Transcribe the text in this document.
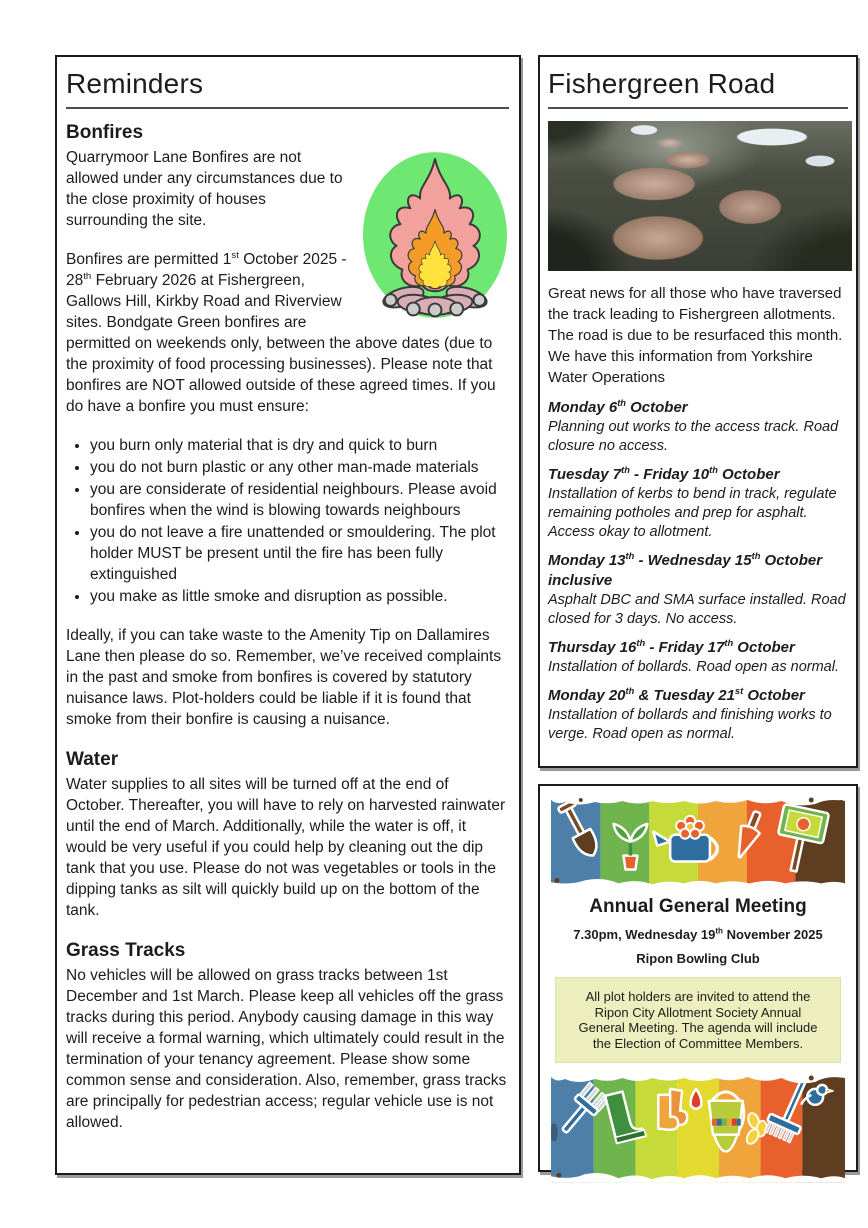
Reminders
Bonfires

Quarrymoor Lane Bonfires are not allowed under any circumstances due to the close proximity of houses surrounding the site.

Bonfires are permitted 1st October 2025 - 28th February 2026 at Fishergreen, Gallows Hill, Kirkby Road and Riverview sites. Bondgate Green bonfires are permitted on weekends only, between the above dates (due to the proximity of food processing businesses). Please note that bonfires are NOT allowed outside of these agreed times. If you do have a bonfire you must ensure:

• you burn only material that is dry and quick to burn
• you do not burn plastic or any other man-made materials
• you are considerate of residential neighbours. Please avoid bonfires when the wind is blowing towards neighbours
• you do not leave a fire unattended or smouldering. The plot holder MUST be present until the fire has been fully extinguished
• you make as little smoke and disruption as possible.

Ideally, if you can take waste to the Amenity Tip on Dallamires Lane then please do so. Remember, we’ve received complaints in the past and smoke from bonfires is covered by statutory nuisance laws. Plot-holders could be liable if it is found that smoke from their bonfire is causing a nuisance.

Water

Water supplies to all sites will be turned off at the end of October. Thereafter, you will have to rely on harvested rainwater until the end of March. Additionally, while the water is off, it would be very useful if you could help by cleaning out the dip tank that you use. Please do not was vegetables or tools in the dipping tanks as silt will quickly build up on the bottom of the tank.

Grass Tracks

No vehicles will be allowed on grass tracks between 1st December and 1st March. Please keep all vehicles off the grass tracks during this period. Anybody causing damage in this way will receive a formal warning, which ultimately could result in the termination of your tenancy agreement. Please show some common sense and consideration. Also, remember, grass tracks are principally for pedestrian access; regular vehicle use is not allowed.

Fishergreen Road

Great news for all those who have traversed the track leading to Fishergreen allotments. The road is due to be resurfaced this month. We have this information from Yorkshire Water Operations

Monday 6th October
Planning out works to the access track. Road closure no access.
Tuesday 7th - Friday 10th October
Installation of kerbs to bend in track, regulate remaining potholes and prep for asphalt. Access okay to allotment.
Monday 13th - Wednesday 15th October inclusive
Asphalt DBC and SMA surface installed. Road closed for 3 days. No access.
Thursday 16th - Friday 17th October
Installation of bollards. Road open as normal.
Monday 20th & Tuesday 21st October
Installation of bollards and finishing works to verge. Road open as normal.
Annual General Meeting
7.30pm, Wednesday 19th November 2025
Ripon Bowling Club
All plot holders are invited to attend the Ripon City Allotment Society Annual General Meeting. The agenda will include the Election of Committee Members.
